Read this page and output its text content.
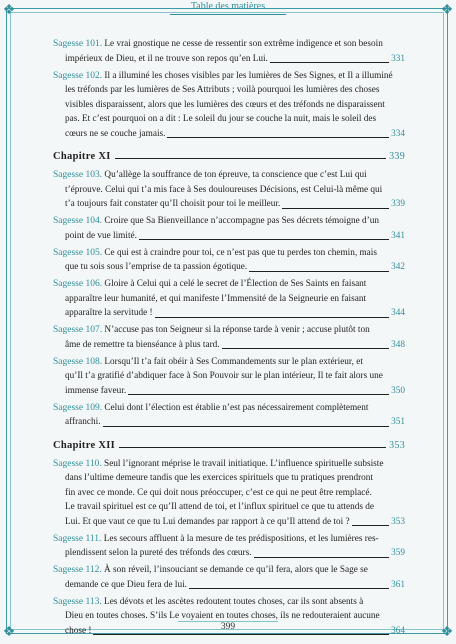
❖	❖
❖	❖
Table des matières
Sagesse 101. Le vrai gnostique ne cesse de ressentir son extrême indigence et son besoin
impérieux de Dieu, et il ne trouve son repos qu’en Lui.	331
Sagesse 102. Il a illuminé les choses visibles par les lumières de Ses Signes, et Il a illuminé
les tréfonds par les lumières de Ses Attributs ; voilà pourquoi les lumières des choses
visibles disparaissent, alors que les lumières des cœurs et des tréfonds ne disparaissent
pas. Et c’est pourquoi on a dit : Le soleil du jour se couche la nuit, mais le soleil des
cœurs ne se couche jamais.	334
Chapitre XI	339
Sagesse 103. Qu’allège la souffrance de ton épreuve, ta conscience que c’est Lui qui
t’éprouve. Celui qui t’a mis face à Ses douloureuses Décisions, est Celui-là même qui
t’a toujours fait constater qu’Il choisit pour toi le meilleur.	339
Sagesse 104. Croire que Sa Bienveillance n’accompagne pas Ses décrets témoigne d’un
point de vue limité.	341
Sagesse 105. Ce qui est à craindre pour toi, ce n’est pas que tu perdes ton chemin, mais
que tu sois sous l’emprise de ta passion égotique.	342
Sagesse 106. Gloire à Celui qui a celé le secret de l’Élection de Ses Saints en faisant
apparaître leur humanité, et qui manifeste l’Immensité de la Seigneurie en faisant
apparaître la servitude !	344
Sagesse 107. N’accuse pas ton Seigneur si la réponse tarde à venir ; accuse plutôt ton
âme de remettre ta bienséance à plus tard.	348
Sagesse 108. Lorsqu’Il t’a fait obéir à Ses Commandements sur le plan extérieur, et
qu’Il t’a gratifié d’abdiquer face à Son Pouvoir sur le plan intérieur, Il te fait alors une
immense faveur.	350
Sagesse 109. Celui dont l’élection est établie n’est pas nécessairement complètement
affranchi.	351
Chapitre XII	353
Sagesse 110. Seul l’ignorant méprise le travail initiatique. L’influence spirituelle subsiste
dans l’ultime demeure tandis que les exercices spirituels que tu pratiques prendront
fin avec ce monde. Ce qui doit nous préoccuper, c’est ce qui ne peut être remplacé.
Le travail spirituel est ce qu’Il attend de toi, et l’influx spirituel ce que tu attends de
Lui. Et que vaut ce que tu Lui demandes par rapport à ce qu’Il attend de toi ?	353
Sagesse 111. Les secours affluent à la mesure de tes prédispositions, et les lumières res-
plendissent selon la pureté des tréfonds des cœurs.	359
Sagesse 112. À son réveil, l’insouciant se demande ce qu’il fera, alors que le Sage se
demande ce que Dieu fera de lui.	361
Sagesse 113. Les dévots et les ascètes redoutent toutes choses, car ils sont absents à
Dieu en toutes choses. S’ils Le voyaient en toutes choses, ils ne redouteraient aucune
chose !	364
399
